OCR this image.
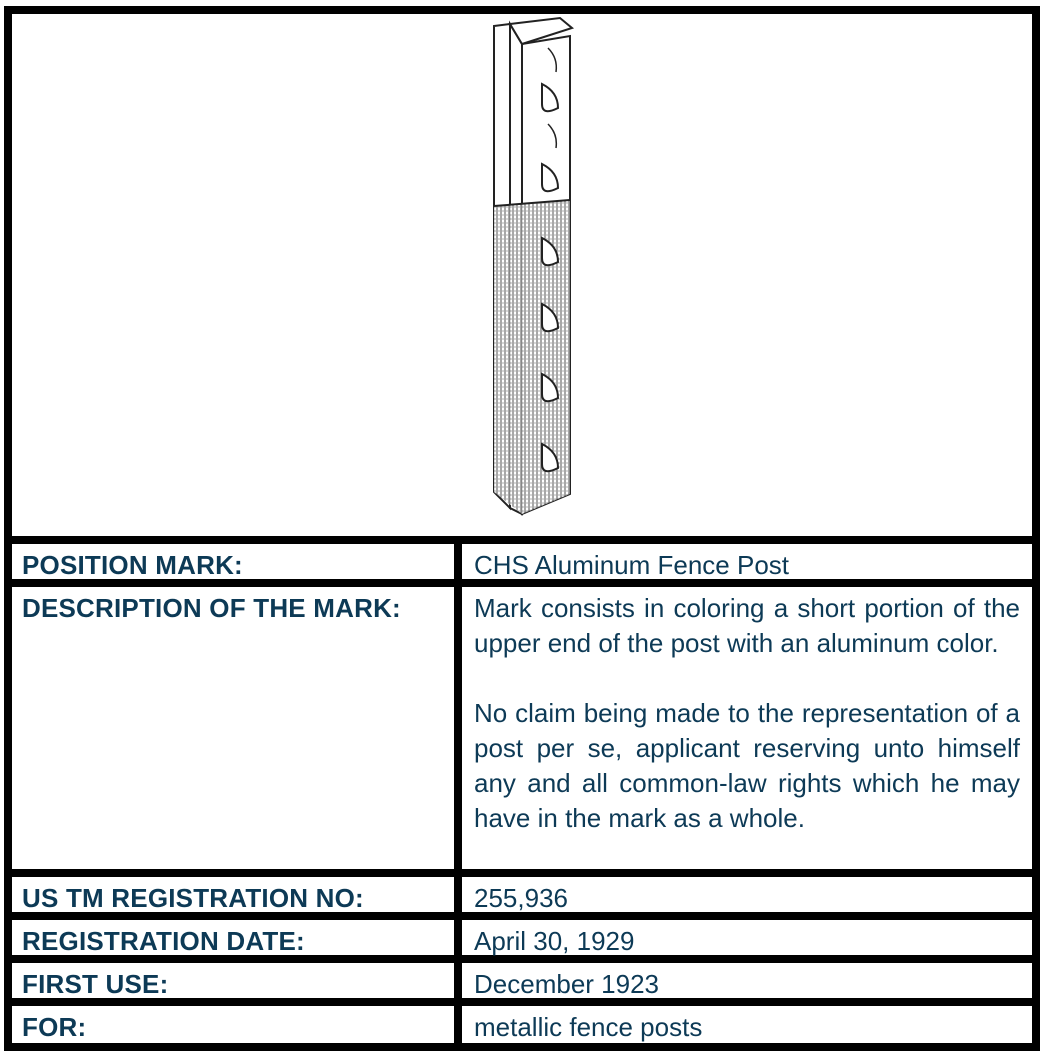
POSITION MARK:	CHS Aluminum Fence Post
DESCRIPTION OF THE MARK:	Mark consists in coloring a short portion of the upper end of the post with an aluminum color.

No claim being made to the representation of a post per se, applicant reserving unto himself any and all common-law rights which he may have in the mark as a whole.

US TM REGISTRATION NO:	255,936
REGISTRATION DATE:	April 30, 1929
FIRST USE:	December 1923
FOR:	metallic fence posts
